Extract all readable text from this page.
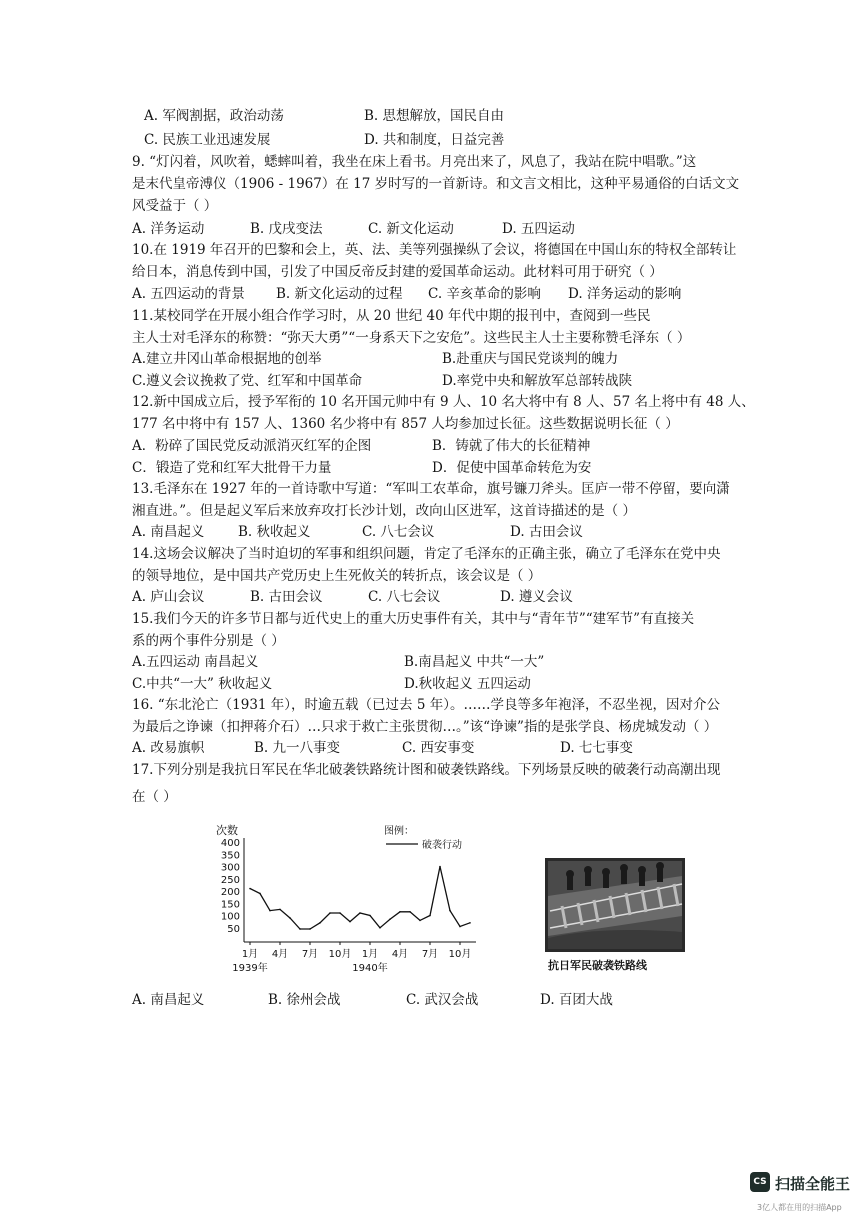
A. 军阀割据，政治动荡	B. 思想解放，国民自由
C. 民族工业迅速发展	D. 共和制度，日益完善
9. “灯闪着，风吹着，蟋蟀叫着，我坐在床上看书。月亮出来了，风息了，我站在院中唱歌。”这
是末代皇帝溥仪（1906 - 1967）在 17 岁时写的一首新诗。和文言文相比，这种平易通俗的白话文文
风受益于（ ）
A. 洋务运动	B. 戊戌变法	C. 新文化运动	D. 五四运动
10.在 1919 年召开的巴黎和会上，英、法、美等列强操纵了会议，将德国在中国山东的特权全部转让
给日本，消息传到中国，引发了中国反帝反封建的爱国革命运动。此材料可用于研究（ ）
A. 五四运动的背景 B. 新文化运动的过程 C. 辛亥革命的影响 D. 洋务运动的影响
11.某校同学在开展小组合作学习时，从 20 世纪 40 年代中期的报刊中，查阅到一些民
主人士对毛泽东的称赞：“弥天大勇”“一身系天下之安危”。这些民主人士主要称赞毛泽东（ ）
A.建立井冈山革命根据地的创举	B.赴重庆与国民党谈判的魄力
C.遵义会议挽救了党、红军和中国革命	D.率党中央和解放军总部转战陕
12.新中国成立后，授予军衔的 10 名开国元帅中有 9 人、10 名大将中有 8 人、57 名上将中有 48 人、
177 名中将中有 157 人、1360 名少将中有 857 人均参加过长征。这些数据说明长征（ ）
A．粉碎了国民党反动派消灭红军的企图	B．铸就了伟大的长征精神
C．锻造了党和红军大批骨干力量	D．促使中国革命转危为安
13.毛泽东在 1927 年的一首诗歌中写道：“军叫工农革命，旗号镰刀斧头。匡庐一带不停留，要向潇
湘直进。”。但是起义军后来放弃攻打长沙计划，改向山区进军，这首诗描述的是（ ）
A. 南昌起义 B. 秋收起义	C. 八七会议	D. 古田会议
14.这场会议解决了当时迫切的军事和组织问题，肯定了毛泽东的正确主张，确立了毛泽东在党中央
的领导地位，是中国共产党历史上生死攸关的转折点，该会议是（ ）
A. 庐山会议	B. 古田会议	C. 八七会议	D. 遵义会议
15.我们今天的许多节日都与近代史上的重大历史事件有关，其中与“青年节”“建军节”有直接关
系的两个事件分别是（ ）
A.五四运动 南昌起义	B.南昌起义 中共“一大”
C.中共“一大” 秋收起义	D.秋收起义 五四运动
16. “东北沦亡（1931 年），时逾五载（已过去 5 年）。……学良等多年袍泽，不忍坐视，因对介公
为最后之诤谏（扣押蒋介石）…只求于救亡主张贯彻…。”该“诤谏”指的是张学良、杨虎城发动（ ）
A. 改易旗帜	B. 九一八事变	C. 西安事变	D. 七七事变
17.下列分别是我抗日军民在华北破袭铁路统计图和破袭铁路线。下列场景反映的破袭行动高潮出现
在（ ）
次数
400
350
300
250
200
150
100
50
1月 4月 7月 10月 1月 4月 7月 10月
1939年	1940年
图例：
破袭行动
抗日军民破袭铁路线
A. 南昌起义	B. 徐州会战	C. 武汉会战	D. 百团大战
CS 扫描全能王
3亿人都在用的扫描App
